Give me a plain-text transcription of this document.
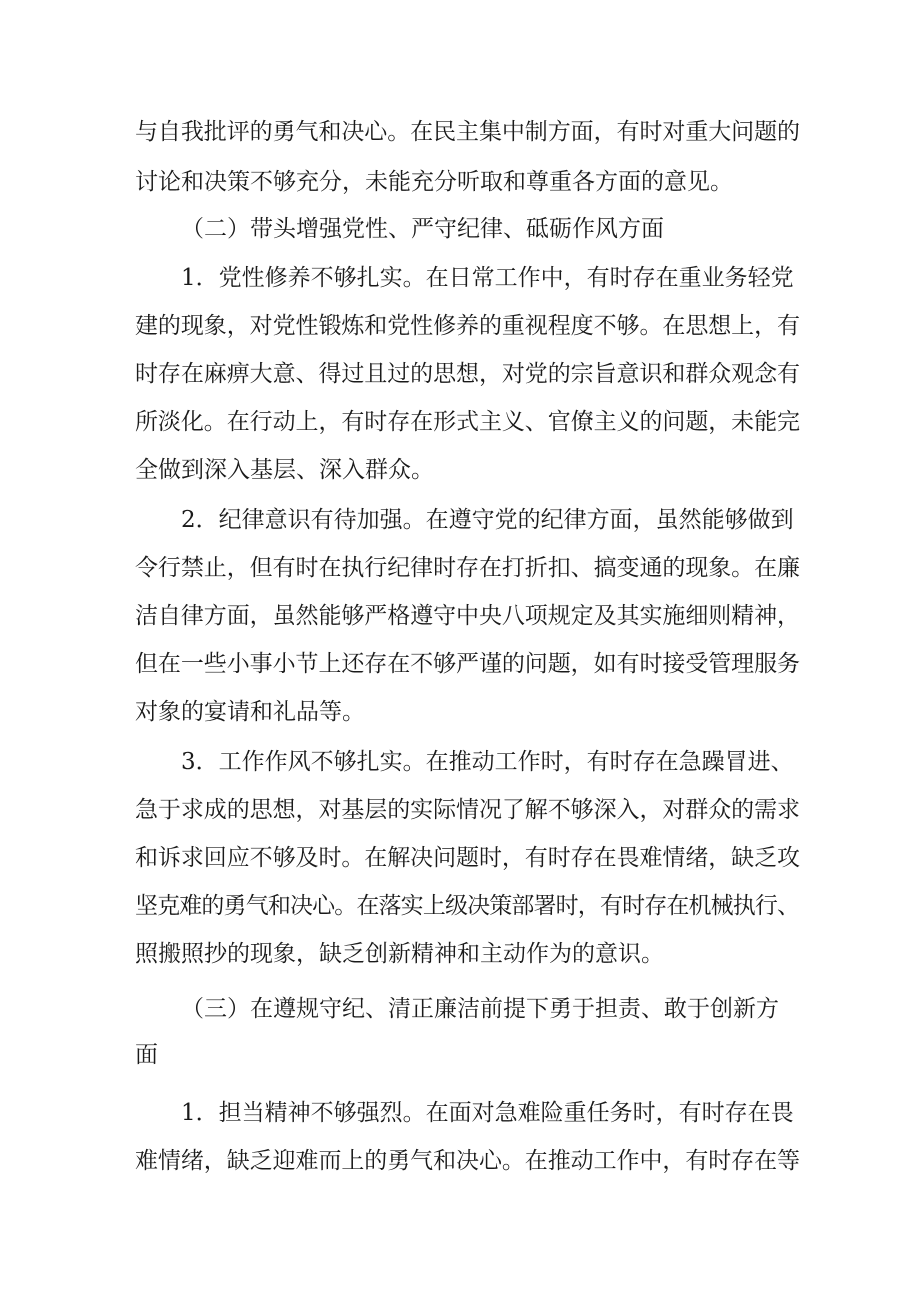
与自我批评的勇气和决心。在民主集中制方面，有时对重大问题的
讨论和决策不够充分，未能充分听取和尊重各方面的意见。
（二）带头增强党性、严守纪律、砥砺作风方面
1．党性修养不够扎实。在日常工作中，有时存在重业务轻党
建的现象，对党性锻炼和党性修养的重视程度不够。在思想上，有
时存在麻痹大意、得过且过的思想，对党的宗旨意识和群众观念有
所淡化。在行动上，有时存在形式主义、官僚主义的问题，未能完
全做到深入基层、深入群众。
2．纪律意识有待加强。在遵守党的纪律方面，虽然能够做到
令行禁止，但有时在执行纪律时存在打折扣、搞变通的现象。在廉
洁自律方面，虽然能够严格遵守中央八项规定及其实施细则精神，
但在一些小事小节上还存在不够严谨的问题，如有时接受管理服务
对象的宴请和礼品等。
3．工作作风不够扎实。在推动工作时，有时存在急躁冒进、
急于求成的思想，对基层的实际情况了解不够深入，对群众的需求
和诉求回应不够及时。在解决问题时，有时存在畏难情绪，缺乏攻
坚克难的勇气和决心。在落实上级决策部署时，有时存在机械执行、
照搬照抄的现象，缺乏创新精神和主动作为的意识。
（三）在遵规守纪、清正廉洁前提下勇于担责、敢于创新方
面
1．担当精神不够强烈。在面对急难险重任务时，有时存在畏
难情绪，缺乏迎难而上的勇气和决心。在推动工作中，有时存在等
